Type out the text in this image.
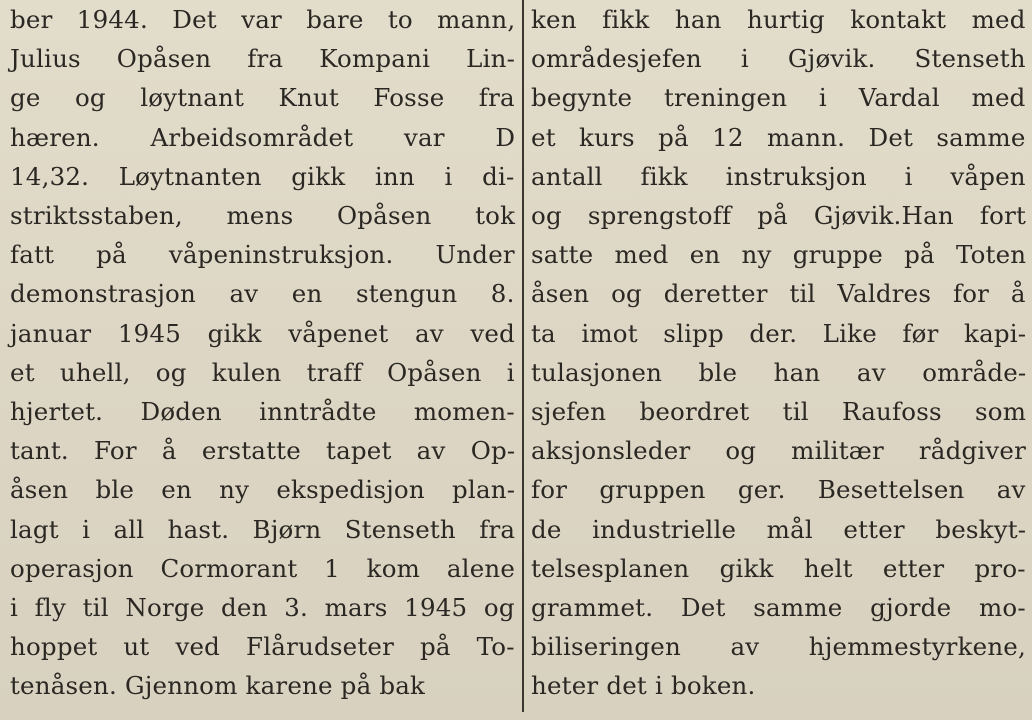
ber 1944. Det var bare to mann,
Julius Opåsen fra Kompani Lin-
ge og løytnant Knut Fosse fra
hæren. Arbeidsområdet var D
14,32. Løytnanten gikk inn i di-
striktsstaben, mens Opåsen tok
fatt på våpeninstruksjon. Under
demonstrasjon av en stengun 8.
januar 1945 gikk våpenet av ved
et uhell, og kulen traff Opåsen i
hjertet. Døden inntrådte momen-
tant. For å erstatte tapet av Op-
åsen ble en ny ekspedisjon plan-
lagt i all hast. Bjørn Stenseth fra
operasjon Cormorant 1 kom alene
i fly til Norge den 3. mars 1945 og
hoppet ut ved Flårudseter på To-
tenåsen. Gjennom karene på bak
ken fikk han hurtig kontakt med
områdesjefen i Gjøvik. Stenseth
begynte treningen i Vardal med
et kurs på 12 mann. Det samme
antall fikk instruksjon i våpen
og sprengstoff på Gjøvik.Han fort
satte med en ny gruppe på Toten
åsen og deretter til Valdres for å
ta imot slipp der. Like før kapi-
tulasjonen ble han av område-
sjefen beordret til Raufoss som
aksjonsleder og militær rådgiver
for gruppen ger. Besettelsen av
de industrielle mål etter beskyt-
telsesplanen gikk helt etter pro-
grammet. Det samme gjorde mo-
biliseringen av hjemmestyrkene,
heter det i boken.
